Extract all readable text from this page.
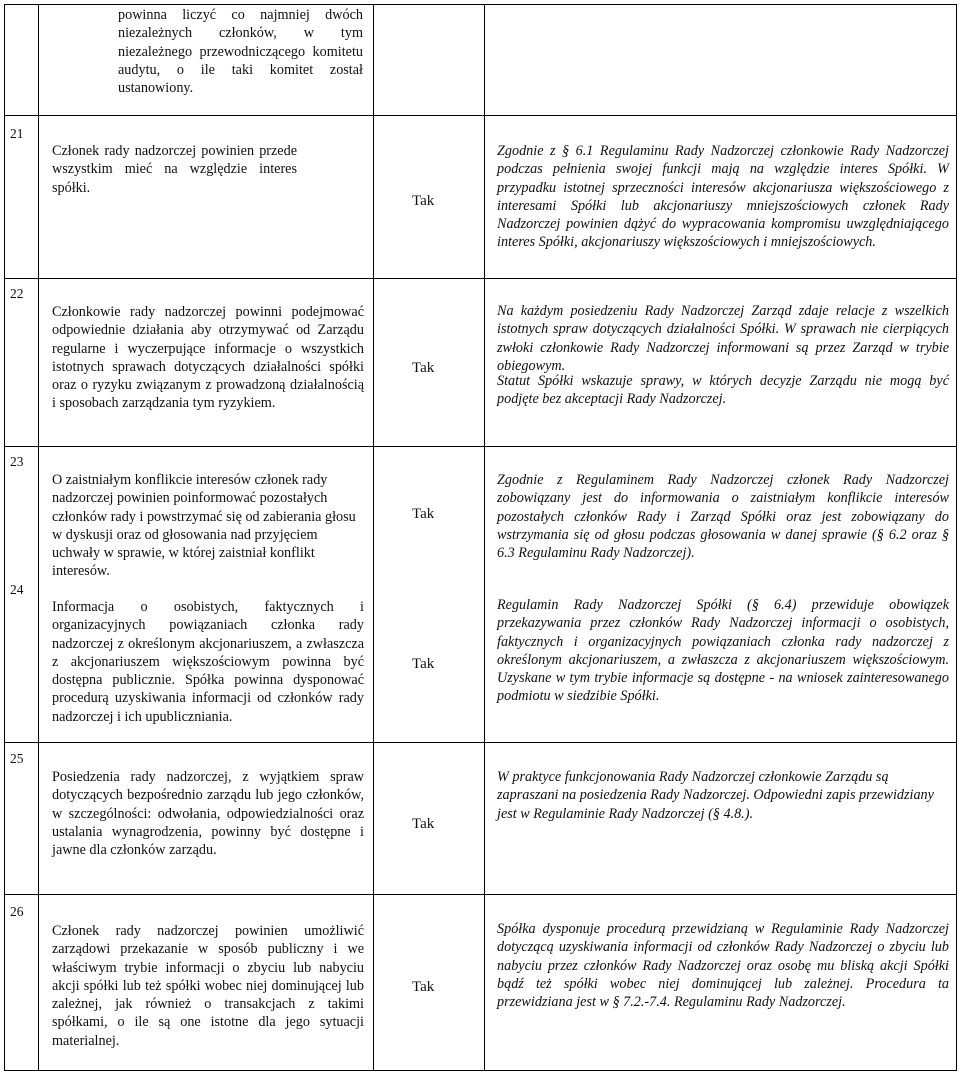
powinna liczyć co najmniej dwóch niezależnych członków, w tym niezależnego przewodniczącego komitetu audytu, o ile taki komitet został ustanowiony.
21
Członek rady nadzorczej powinien przede wszystkim mieć na względzie interes spółki.
Tak
Zgodnie z § 6.1 Regulaminu Rady Nadzorczej członkowie Rady Nadzorczej podczas pełnienia swojej funkcji mają na względzie interes Spółki. W przypadku istotnej sprzeczności interesów akcjonariusza większościowego z interesami Spółki lub akcjonariuszy mniejszościowych członek Rady Nadzorczej powinien dążyć do wypracowania kompromisu uwzględniającego interes Spółki, akcjonariuszy większościowych i mniejszościowych.
22
Członkowie rady nadzorczej powinni podejmować odpowiednie działania aby otrzymywać od Zarządu regularne i wyczerpujące informacje o wszystkich istotnych sprawach dotyczących działalności spółki oraz o ryzyku związanym z prowadzoną działalnością i sposobach zarządzania tym ryzykiem.
Tak
Na każdym posiedzeniu Rady Nadzorczej Zarząd zdaje relacje z wszelkich istotnych spraw dotyczących działalności Spółki. W sprawach nie cierpiących zwłoki członkowie Rady Nadzorczej informowani są przez Zarząd w trybie obiegowym.
Statut Spółki wskazuje sprawy, w których decyzje Zarządu nie mogą być podjęte bez akceptacji Rady Nadzorczej.
23
O zaistniałym konflikcie interesów członek rady nadzorczej powinien poinformować pozostałych członków rady i powstrzymać się od zabierania głosu w dyskusji oraz od głosowania nad przyjęciem uchwały w sprawie, w której zaistniał konflikt interesów.
Tak
Zgodnie z Regulaminem Rady Nadzorczej członek Rady Nadzorczej zobowiązany jest do informowania o zaistniałym konflikcie interesów pozostałych członków Rady i Zarząd Spółki oraz jest zobowiązany do wstrzymania się od głosu podczas głosowania w danej sprawie (§ 6.2 oraz § 6.3 Regulaminu Rady Nadzorczej).
24
Informacja o osobistych, faktycznych i organizacyjnych powiązaniach członka rady nadzorczej z określonym akcjonariuszem, a zwłaszcza z akcjonariuszem większościowym powinna być dostępna publicznie. Spółka powinna dysponować procedurą uzyskiwania informacji od członków rady nadzorczej i ich upubliczniania.
Tak
Regulamin Rady Nadzorczej Spółki (§ 6.4) przewiduje obowiązek przekazywania przez członków Rady Nadzorczej informacji o osobistych, faktycznych i organizacyjnych powiązaniach członka rady nadzorczej z określonym akcjonariuszem, a zwłaszcza z akcjonariuszem większościowym. Uzyskane w tym trybie informacje są dostępne - na wniosek zainteresowanego podmiotu w siedzibie Spółki.
25
Posiedzenia rady nadzorczej, z wyjątkiem spraw dotyczących bezpośrednio zarządu lub jego członków, w szczególności: odwołania, odpowiedzialności oraz ustalania wynagrodzenia, powinny być dostępne i jawne dla członków zarządu.
Tak
W praktyce funkcjonowania Rady Nadzorczej członkowie Zarządu są zapraszani na posiedzenia Rady Nadzorczej. Odpowiedni zapis przewidziany jest w Regulaminie Rady Nadzorczej (§ 4.8.).
26
Członek rady nadzorczej powinien umożliwić zarządowi przekazanie w sposób publiczny i we właściwym trybie informacji o zbyciu lub nabyciu akcji spółki lub też spółki wobec niej dominującej lub zależnej, jak również o transakcjach z takimi spółkami, o ile są one istotne dla jego sytuacji materialnej.
Tak
Spółka dysponuje procedurą przewidzianą w Regulaminie Rady Nadzorczej dotyczącą uzyskiwania informacji od członków Rady Nadzorczej o zbyciu lub nabyciu przez członków Rady Nadzorczej oraz osobę mu bliską akcji Spółki bądź też spółki wobec niej dominującej lub zależnej. Procedura ta przewidziana jest w § 7.2.-7.4. Regulaminu Rady Nadzorczej.
